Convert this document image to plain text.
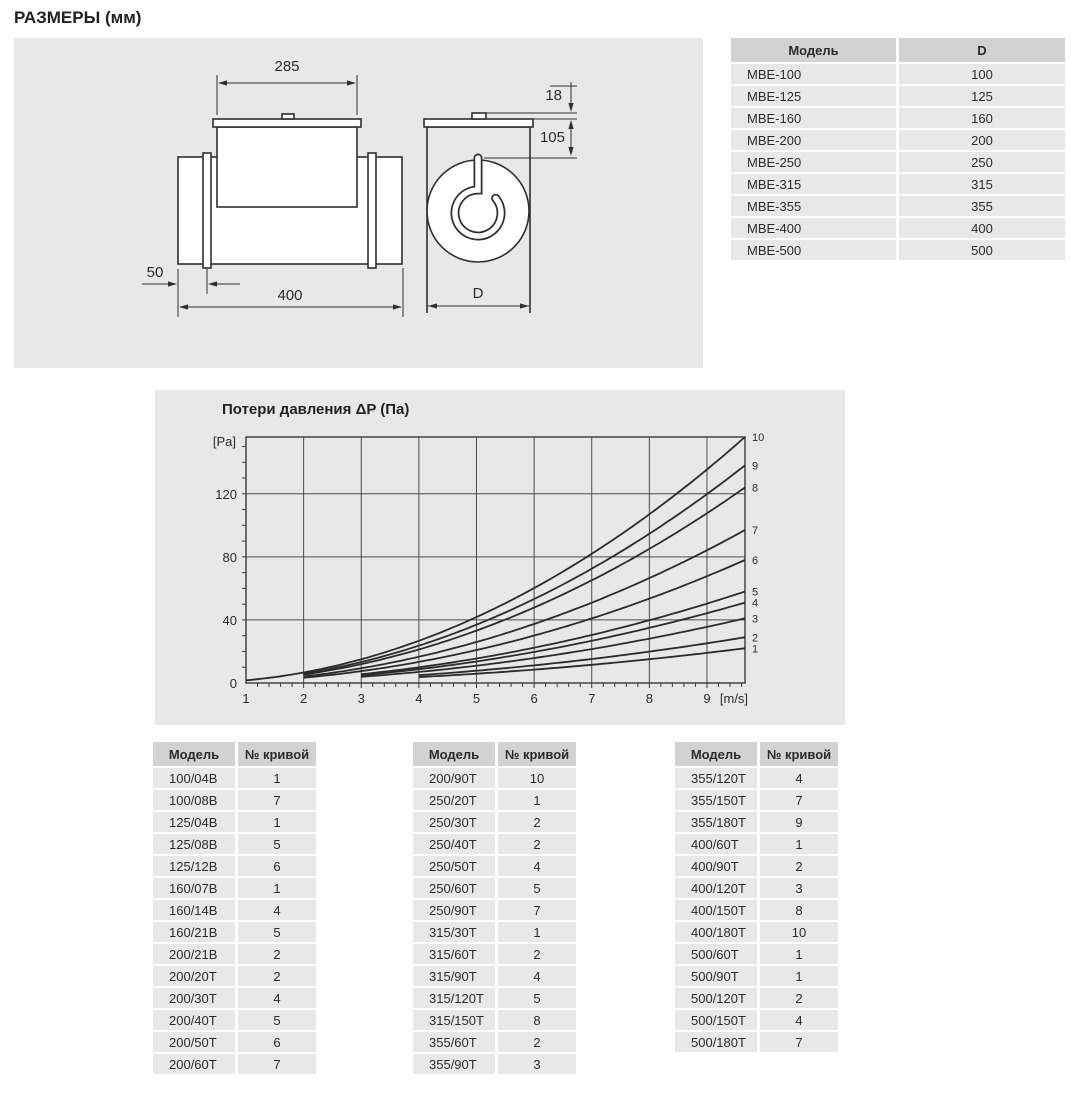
РАЗМЕРЫ (мм)
285
50
400
18
105
D
Модель	D
МВЕ-100	100
МВЕ-125	125
МВЕ-160	160
МВЕ-200	200
МВЕ-250	250
МВЕ-315	315
МВЕ-355	355
МВЕ-400	400
МВЕ-500	500
Потери давления ΔP (Па)
1
2
3
4
5
6
7
8
9
10
1	2	3	4	5	6	7	8	9
0
40
80
120
[Pa]
[m/s]
Модель	№ кривой
100/04В	1
100/08В	7
125/04В	1
125/08В	5
125/12В	6
160/07В	1
160/14В	4
160/21В	5
200/21В	2
200/20Т	2
200/30Т	4
200/40Т	5
200/50Т	6
200/60Т	7
Модель	№ кривой
200/90Т	10
250/20Т	1
250/30Т	2
250/40Т	2
250/50Т	4
250/60Т	5
250/90Т	7
315/30Т	1
315/60Т	2
315/90Т	4
315/120Т	5
315/150Т	8
355/60Т	2
355/90Т	3
Модель	№ кривой
355/120Т	4
355/150Т	7
355/180Т	9
400/60Т	1
400/90Т	2
400/120Т	3
400/150Т	8
400/180Т	10
500/60Т	1
500/90Т	1
500/120Т	2
500/150Т	4
500/180Т	7
